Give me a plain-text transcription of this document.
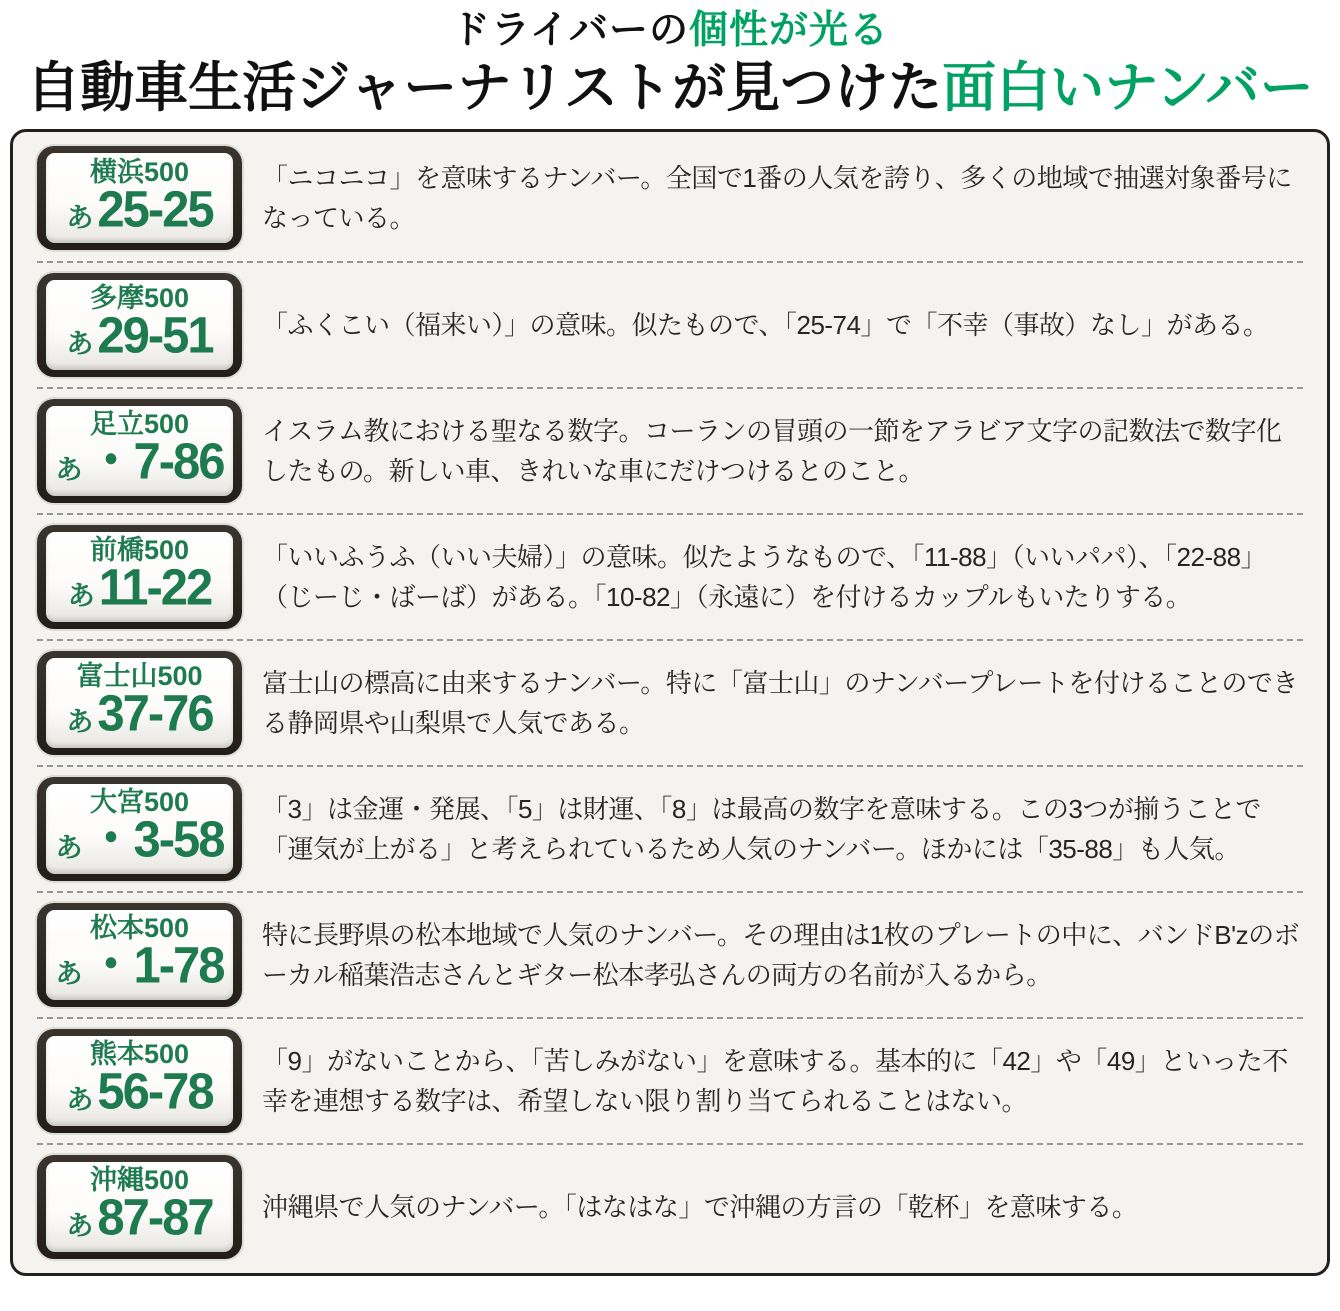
ドライバーの個性が光る
自動車生活ジャーナリストが見つけた面白いナンバー
横浜500
あ 25-25

「ニコニコ」を意味するナンバー。全国で1番の人気を誇り、多くの地域で抽選対象番号になっている。

多摩500
あ 29-51 「ふくこい（福来い）」の意味。似たもので、「25-74」で「不幸（事故）なし」がある。

足立500
あ ・7-86

イスラム教における聖なる数字。コーランの冒頭の一節をアラビア文字の記数法で数字化したもの。新しい車、きれいな車にだけつけるとのこと。

前橋500
あ 11-22

「いいふうふ（いい夫婦）」の意味。似たようなもので、「11-88」（いいパパ）、「22-88」（じーじ・ばーば）がある。「10-82」（永遠に）を付けるカップルもいたりする。

富士山500
あ 37-76

富士山の標高に由来するナンバー。特に「富士山」のナンバープレートを付けることのできる静岡県や山梨県で人気である。

大宮500
あ ・3-58

「3」は金運・発展、「5」は財運、「8」は最高の数字を意味する。この3つが揃うことで「運気が上がる」と考えられているため人気のナンバー。ほかには「35-88」も人気。

松本500
あ ・1-78

特に長野県の松本地域で人気のナンバー。その理由は1枚のプレートの中に、バンドB'zのボーカル稲葉浩志さんとギター松本孝弘さんの両方の名前が入るから。

熊本500
あ 56-78

「9」がないことから、「苦しみがない」を意味する。基本的に「42」や「49」といった不幸を連想する数字は、希望しない限り割り当てられることはない。

沖縄500
あ 87-87 沖縄県で人気のナンバー。「はなはな」で沖縄の方言の「乾杯」を意味する。
